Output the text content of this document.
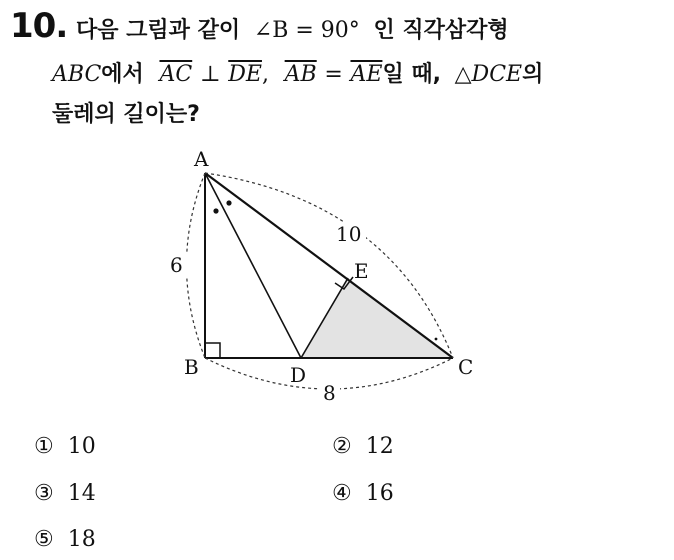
10. 다음 그림과 같이 ∠B = 90° 인 직각삼각형
ABC에서 $\overline{AC}$ ⊥ $\overline{DE}$, $\overline{AB} = \overline{AE}$일 때, △DCE의
둘레의 길이는?
A
B	C
D
E
6
10
8
① 10	② 12
③ 14	④ 16
⑤ 18
